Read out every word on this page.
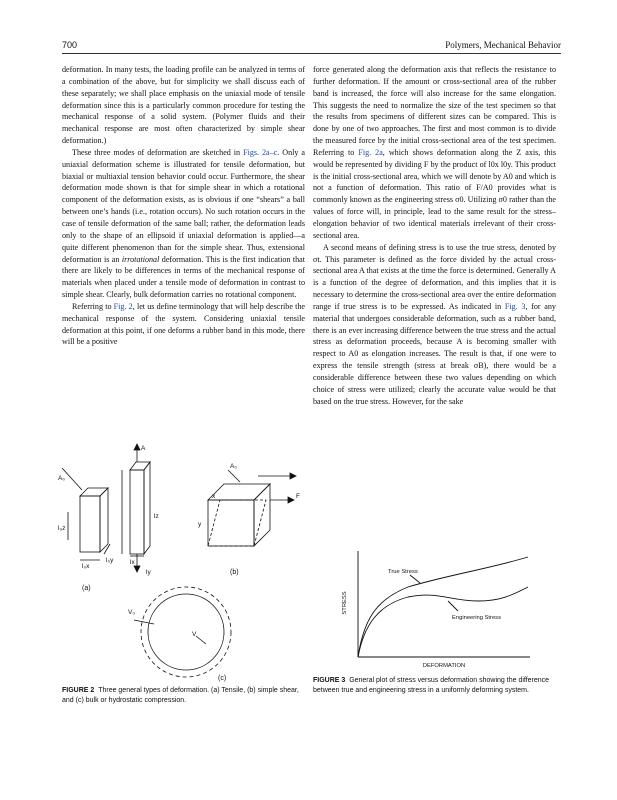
700	Polymers, Mechanical Behavior

deformation. In many tests, the loading profile can be analyzed in terms of a combination of the above, but for simplicity we shall discuss each of these separately; we shall place emphasis on the uniaxial mode of tensile deformation since this is a particularly common procedure for testing the mechanical response of a solid system. (Polymer fluids and their mechanical response are most often characterized by simple shear deformation.)

These three modes of deformation are sketched in Figs. 2a–c. Only a uniaxial deformation scheme is illustrated for tensile deformation, but biaxial or multiaxial tension behavior could occur. Furthermore, the shear deformation mode shown is that for simple shear in which a rotational component of the deformation exists, as is obvious if one “shears” a ball between one’s hands (i.e., rotation occurs). No such rotation occurs in the case of tensile deformation of the same ball; rather, the deformation leads only to the shape of an ellipsoid if uniaxial deformation is applied—a quite different phenomenon than for the simple shear. Thus, extensional deformation is an irrotational deformation. This is the first indication that there are likely to be differences in terms of the mechanical response of materials when placed under a tensile mode of deformation in contrast to simple shear. Clearly, bulk deformation carries no rotational component.

Referring to Fig. 2, let us define terminology that will help describe the mechanical response of the system. Considering uniaxial tensile deformation at this point, if one deforms a rubber band in this mode, there will be a positive

force generated along the deformation axis that reflects the resistance to further deformation. If the amount or cross-sectional area of the rubber band is increased, the force will also increase for the same elongation. This suggests the need to normalize the size of the test specimen so that the results from specimens of different sizes can be compared. This is done by one of two approaches. The first and most common is to divide the measured force by the initial cross-sectional area of the test specimen. Referring to Fig. 2a, which shows deformation along the Z axis, this would be represented by dividing F by the product of l0x l0y. This product is the initial cross-sectional area, which we will denote by A0 and which is not a function of deformation. This ratio of F/A0 provides what is commonly known as the engineering stress σ0. Utilizing σ0 rather than the values of force will, in principle, lead to the same result for the stress–elongation behavior of two identical materials irrelevant of their cross-sectional area.

A second means of defining stress is to use the true stress, denoted by σt. This parameter is defined as the force divided by the actual cross-sectional area A that exists at the time the force is determined. Generally A is a function of the degree of deformation, and this implies that it is necessary to determine the cross-sectional area over the entire deformation range if true stress is to be expressed. As indicated in Fig. 3, for any material that undergoes considerable deformation, such as a rubber band, there is an ever increasing difference between the true stress and the actual stress as deformation proceeds, because A is becoming smaller with respect to A0 as elongation increases. The result is that, if one were to express the tensile strength (stress at break σB), there would be a considerable difference between these two values depending on which choice of stress were utilized; clearly the accurate value would be that based on the true stress. However, for the sake

A₀
A
l₀z
l₀x
l₀y
lz
lx
ly
(a)
A₀
x
y
F
(b)
V₀
V
(c)
FIGURE 2 Three general types of deformation. (a) Tensile, (b) simple shear, and (c) bulk or hydrostatic compression.
STRESS
DEFORMATION
True Stress
Engineering Stress
FIGURE 3 General plot of stress versus deformation showing the difference between true and engineering stress in a uniformly deforming system.
